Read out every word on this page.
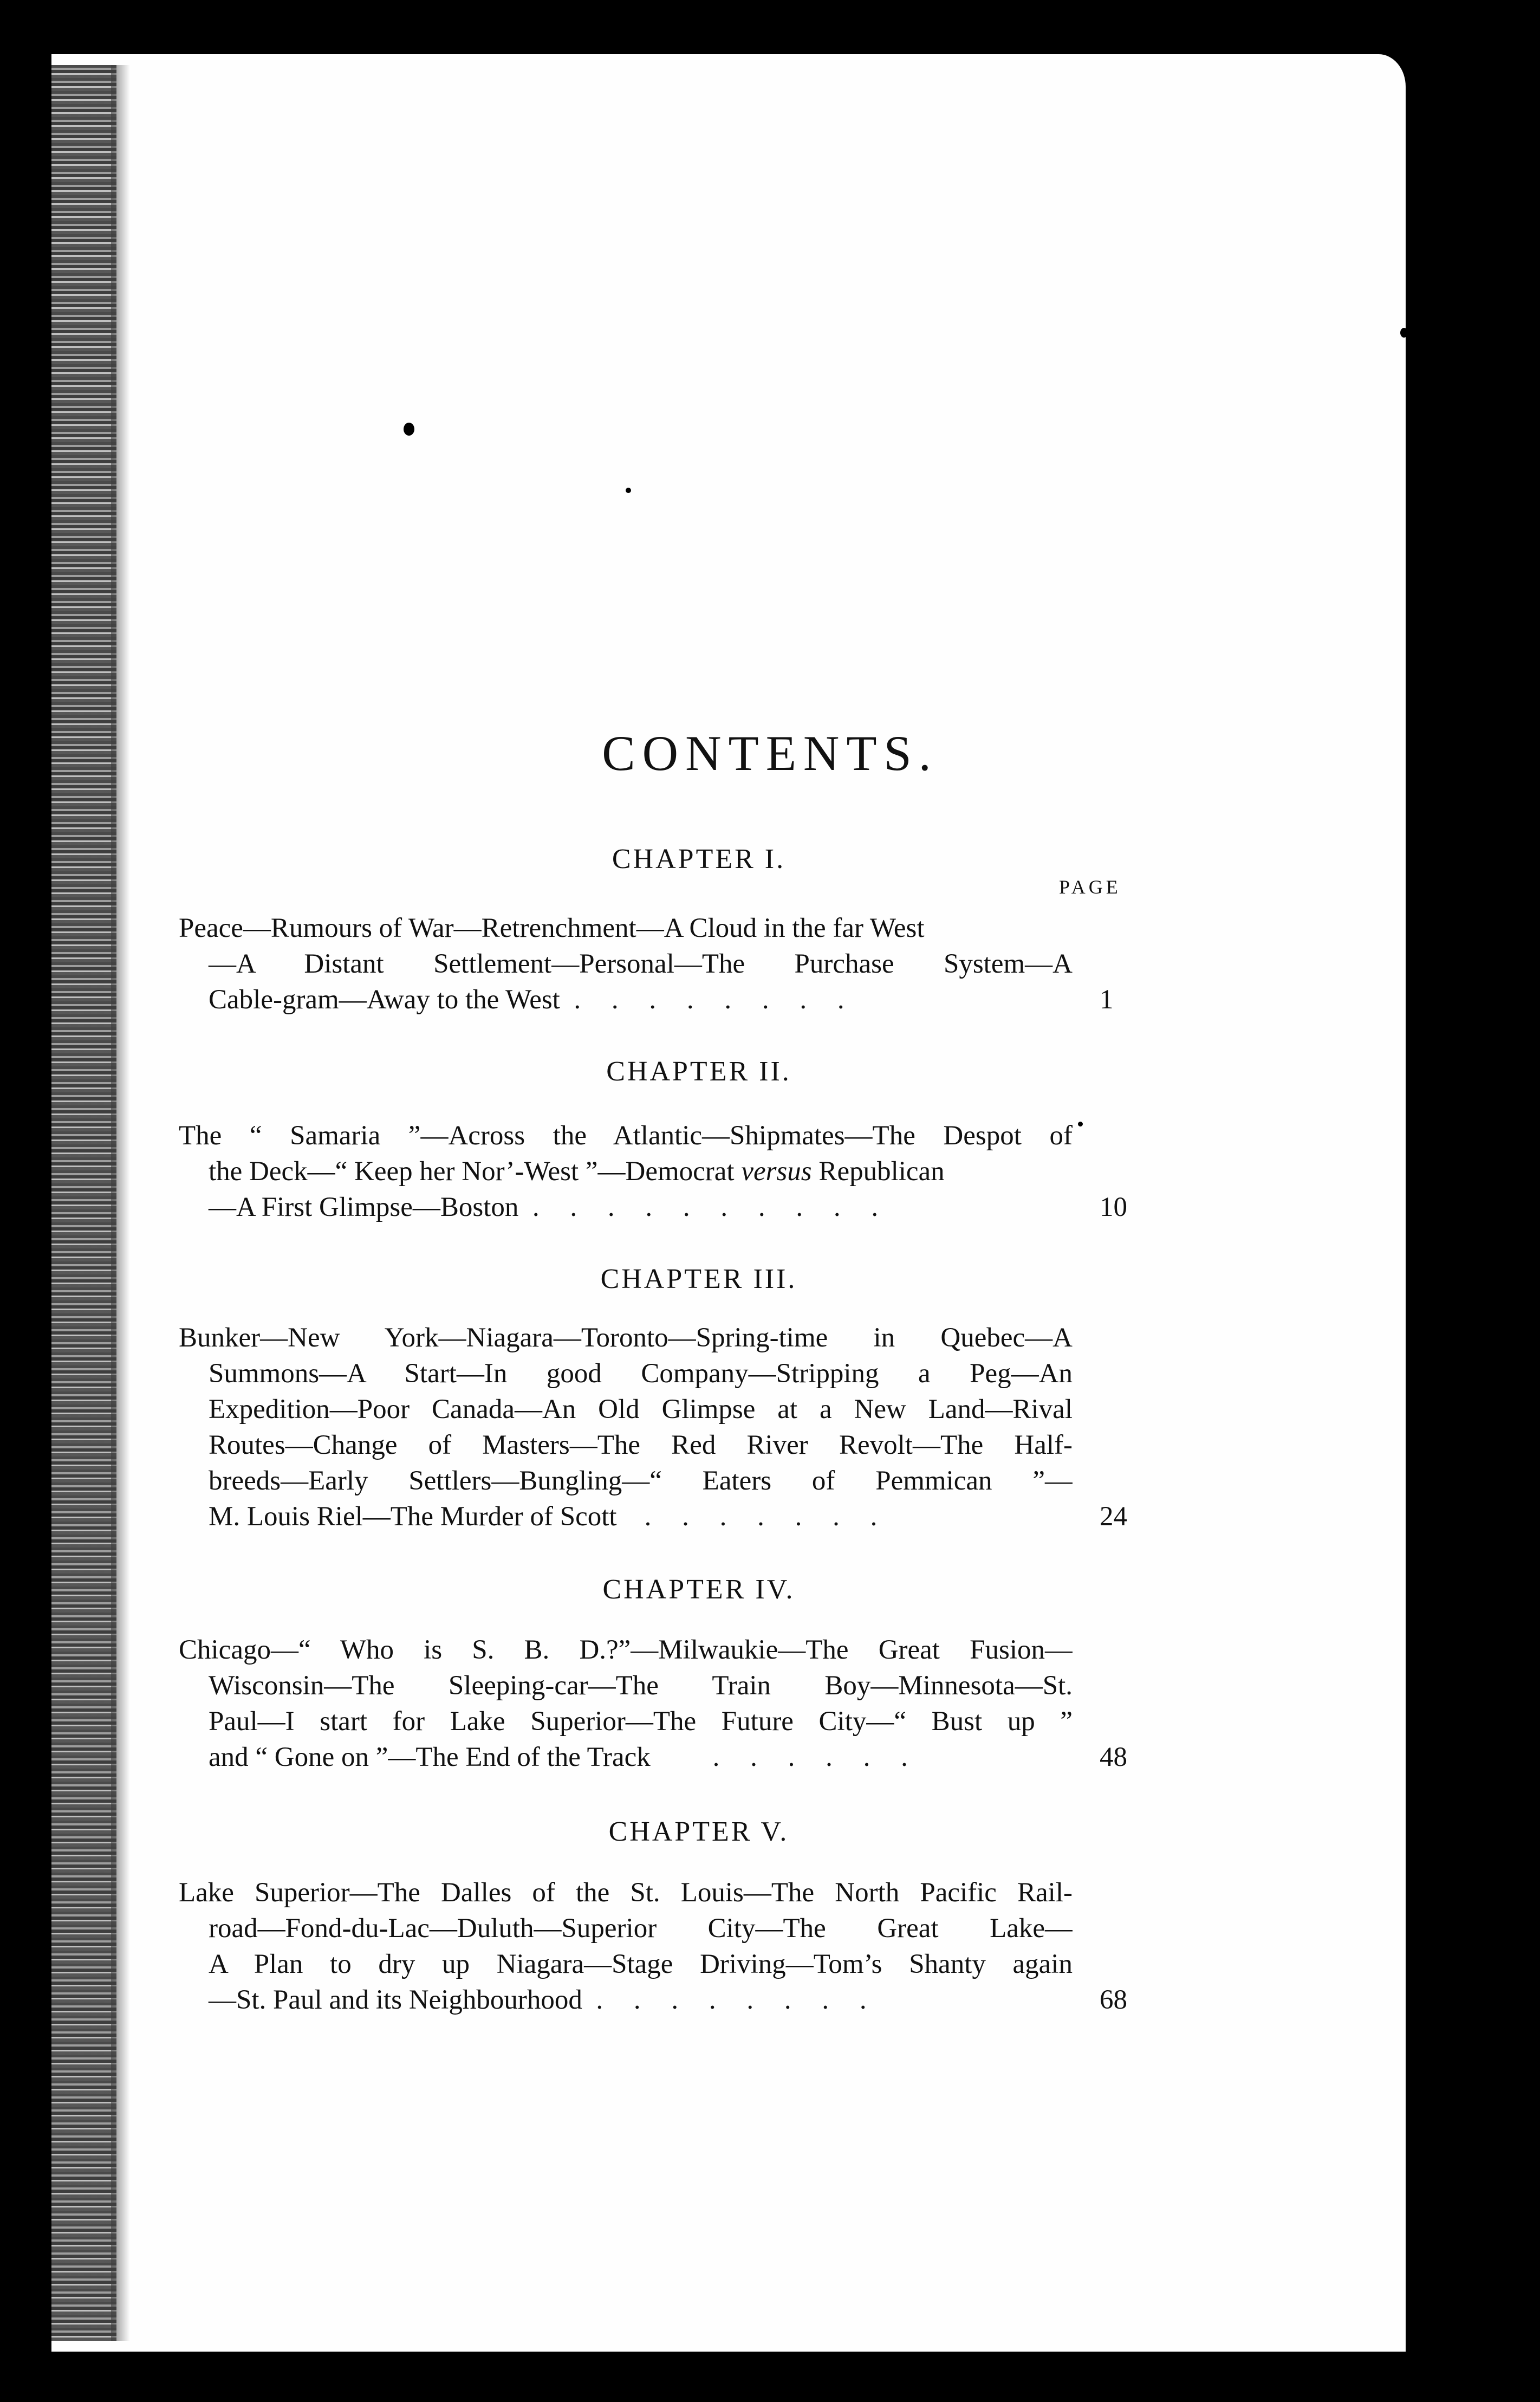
CONTENTS.
PAGE
CHAPTER I.
Peace—Rumours of War—Retrenchment—A Cloud in the far West
—A Distant Settlement—Personal—The Purchase System—A
Cable-gram—Away to the West . . . . . . . .	1
CHAPTER II.
The “ Samaria ”—Across the Atlantic—Shipmates—The Despot of
the Deck—“ Keep her Nor’-West ”—Democrat versus Republican
—A First Glimpse—Boston . . . . . . . . . .	10
CHAPTER III.
Bunker—New York—Niagara—Toronto—Spring-time in Quebec—A
Summons—A Start—In good Company—Stripping a Peg—An
Expedition—Poor Canada—An Old Glimpse at a New Land—Rival
Routes—Change of Masters—The Red River Revolt—The Half-
breeds—Early Settlers—Bungling—“ Eaters of Pemmican ”—
M. Louis Riel—The Murder of Scott . . . . . . .	24
CHAPTER IV.
Chicago—“ Who is S. B. D.?”—Milwaukie—The Great Fusion—
Wisconsin—The Sleeping-car—The Train Boy—Minnesota—St.
Paul—I start for Lake Superior—The Future City—“ Bust up ”
and “ Gone on ”—The End of the Track . . . . . .	48
CHAPTER V.
Lake Superior—The Dalles of the St. Louis—The North Pacific Rail-
road—Fond-du-Lac—Duluth—Superior City—The Great Lake—
A Plan to dry up Niagara—Stage Driving—Tom’s Shanty again
—St. Paul and its Neighbourhood . . . . . . . .	68
